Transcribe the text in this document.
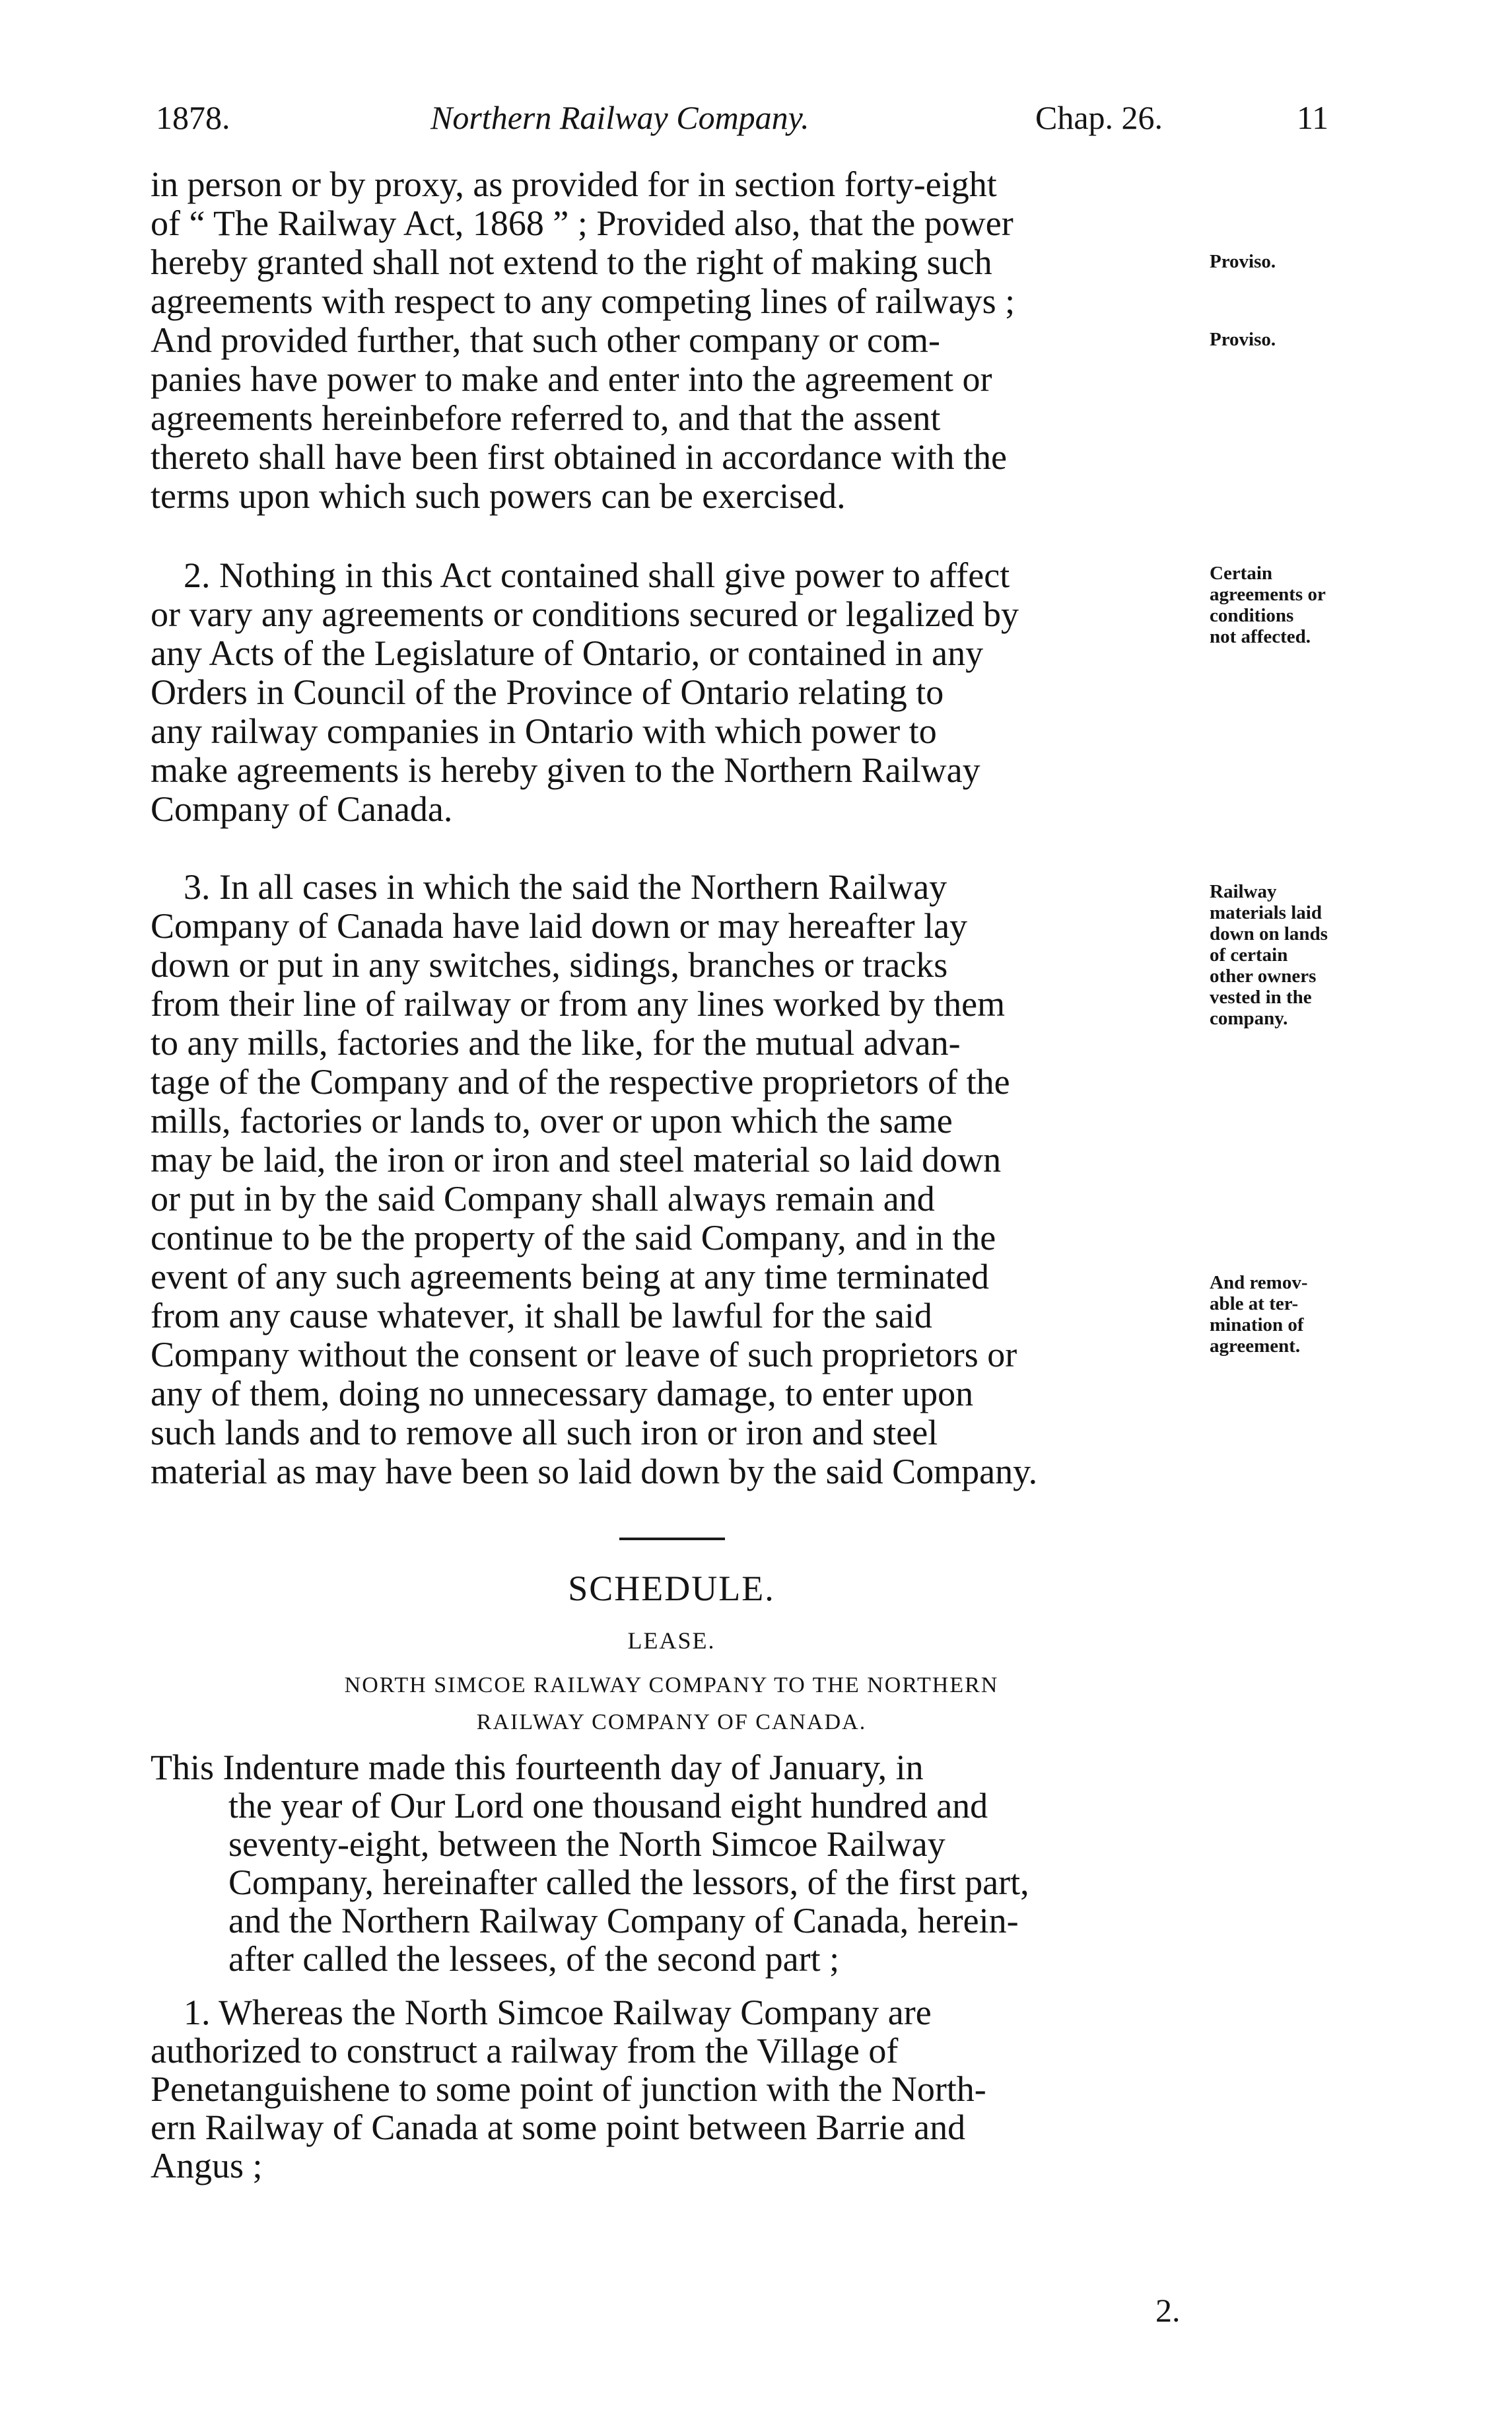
1878.	Northern Railway Company.	Chap. 26.	11
in person or by proxy, as provided for in section forty-eight
of “ The Railway Act, 1868 ” ; Provided also, that the power
hereby granted shall not extend to the right of making such
agreements with respect to any competing lines of railways ;
And provided further, that such other company or com-
panies have power to make and enter into the agreement or
agreements hereinbefore referred to, and that the assent
thereto shall have been first obtained in accordance with the
terms upon which such powers can be exercised.
2. Nothing in this Act contained shall give power to affect
or vary any agreements or conditions secured or legalized by
any Acts of the Legislature of Ontario, or contained in any
Orders in Council of the Province of Ontario relating to
any railway companies in Ontario with which power to
make agreements is hereby given to the Northern Railway
Company of Canada.
3. In all cases in which the said the Northern Railway
Company of Canada have laid down or may hereafter lay
down or put in any switches, sidings, branches or tracks
from their line of railway or from any lines worked by them
to any mills, factories and the like, for the mutual advan-
tage of the Company and of the respective proprietors of the
mills, factories or lands to, over or upon which the same
may be laid, the iron or iron and steel material so laid down
or put in by the said Company shall always remain and
continue to be the property of the said Company, and in the
event of any such agreements being at any time terminated
from any cause whatever, it shall be lawful for the said
Company without the consent or leave of such proprietors or
any of them, doing no unnecessary damage, to enter upon
such lands and to remove all such iron or iron and steel
material as may have been so laid down by the said Company.
Proviso.
Proviso.
Certain
agreements or
conditions
not affected.
Railway
materials laid
down on lands
of certain
other owners
vested in the
company.
And remov-
able at ter-
mination of
agreement.
SCHEDULE.
LEASE.
NORTH SIMCOE RAILWAY COMPANY TO THE NORTHERN
RAILWAY COMPANY OF CANADA.
This Indenture made this fourteenth day of January, in
the year of Our Lord one thousand eight hundred and
seventy-eight, between the North Simcoe Railway
Company, hereinafter called the lessors, of the first part,
and the Northern Railway Company of Canada, herein-
after called the lessees, of the second part ;
1. Whereas the North Simcoe Railway Company are
authorized to construct a railway from the Village of
Penetanguishene to some point of junction with the North-
ern Railway of Canada at some point between Barrie and
Angus ;
2.
